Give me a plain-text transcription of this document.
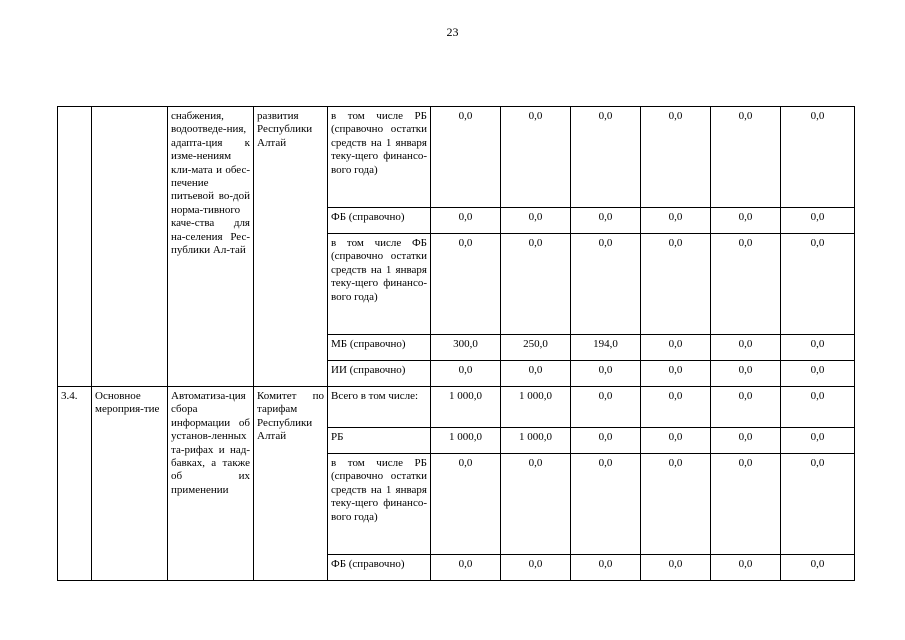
23
		снабжения, водоотведе-ния, адапта-ция к изме-нениям кли-мата и обес-печение питьевой во-дой норма-тивного каче-ства для на-селения Рес-публики Ал-тай	развития Республики Алтай	в том числе РБ (справочно остатки средств на 1 января теку-щего финансо-вого года)	0,0	0,0	0,0	0,0	0,0	0,0
				ФБ (справочно)	0,0	0,0	0,0	0,0	0,0	0,0
				в том числе ФБ (справочно остатки средств на 1 января теку-щего финансо-вого года)	0,0	0,0	0,0	0,0	0,0	0,0
				МБ (справочно)	300,0	250,0	194,0	0,0	0,0	0,0
				ИИ (справочно)	0,0	0,0	0,0	0,0	0,0	0,0
3.4.	Основное мероприя-тие	Автоматиза-ция сбора информации об установ-ленных та-рифах и над-бавках, а также об их применении	Комитет по тарифам Республики Алтай	Всего в том числе:	1 000,0	1 000,0	0,0	0,0	0,0	0,0
				РБ	1 000,0	1 000,0	0,0	0,0	0,0	0,0
				в том числе РБ (справочно остатки средств на 1 января теку-щего финансо-вого года)	0,0	0,0	0,0	0,0	0,0	0,0
				ФБ (справочно)	0,0	0,0	0,0	0,0	0,0	0,0
